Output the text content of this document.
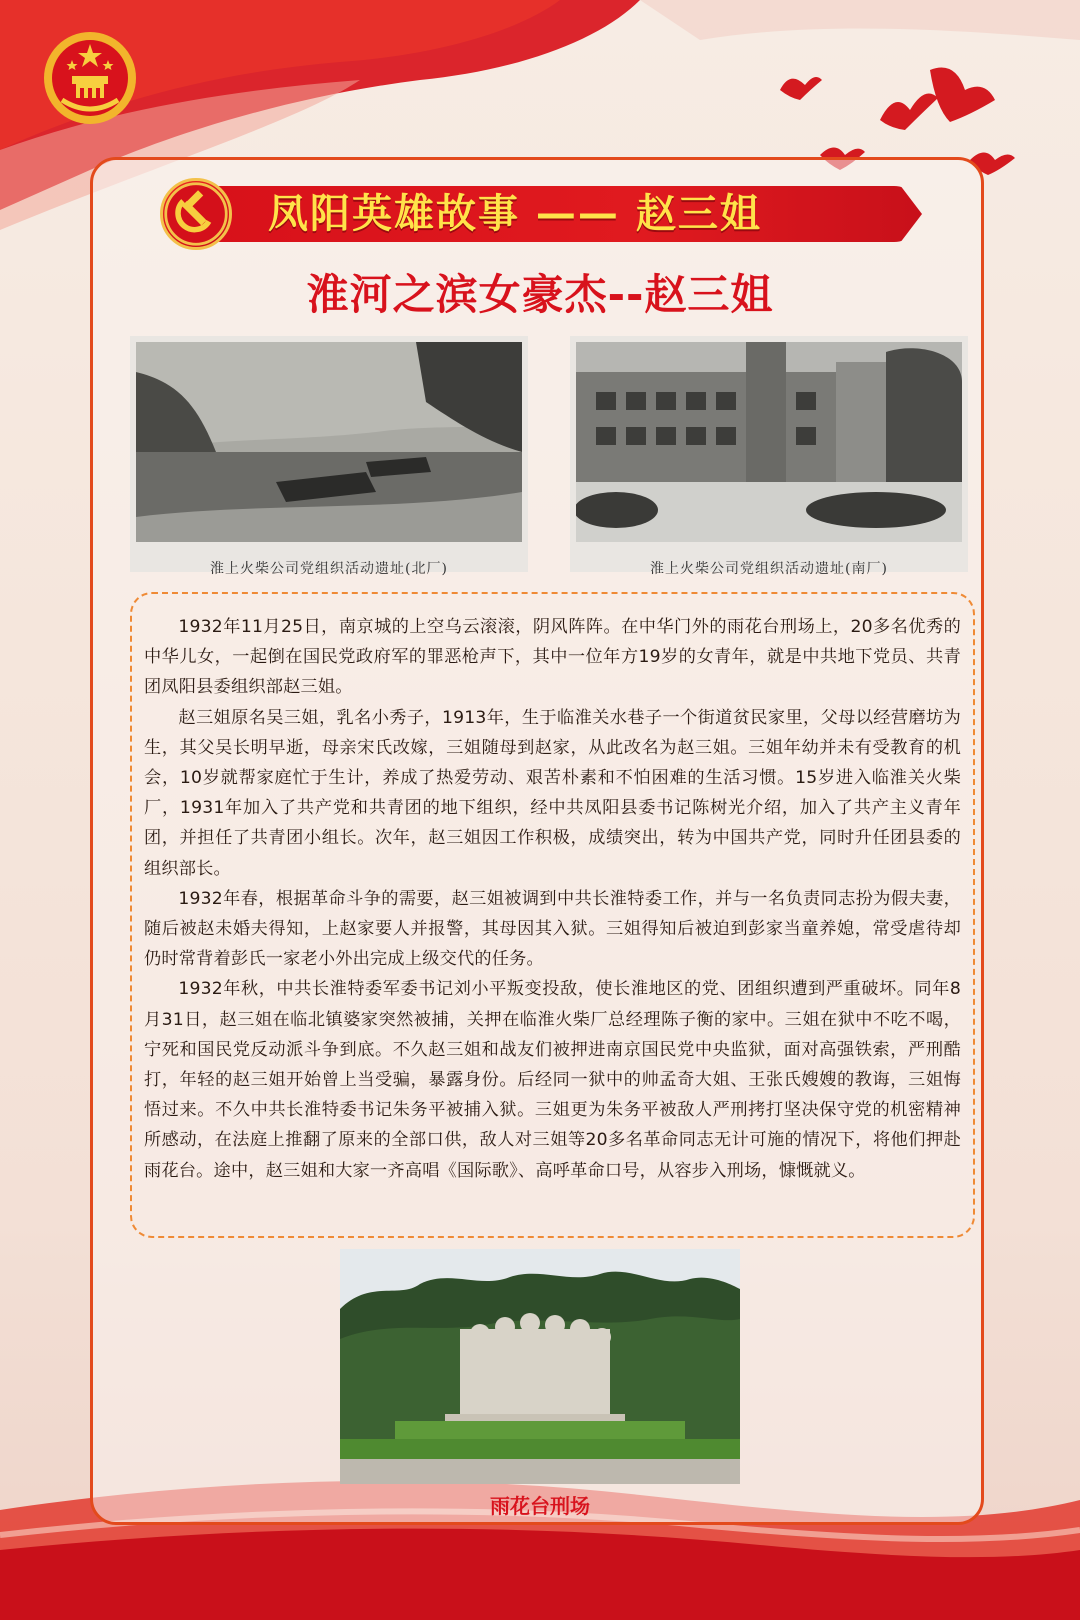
凤阳英雄故事 —— 赵三姐
淮河之滨女豪杰--赵三姐
淮上火柴公司党组织活动遗址(北厂)	淮上火柴公司党组织活动遗址(南厂)

1932年11月25日，南京城的上空乌云滚滚，阴风阵阵。在中华门外的雨花台刑场上，20多名优秀的中华儿女，一起倒在国民党政府军的罪恶枪声下，其中一位年方19岁的女青年，就是中共地下党员、共青团凤阳县委组织部赵三姐。

赵三姐原名吴三姐，乳名小秀子，1913年，生于临淮关水巷子一个街道贫民家里，父母以经营磨坊为生，其父吴长明早逝，母亲宋氏改嫁，三姐随母到赵家，从此改名为赵三姐。三姐年幼并未有受教育的机会，10岁就帮家庭忙于生计，养成了热爱劳动、艰苦朴素和不怕困难的生活习惯。15岁进入临淮关火柴厂，1931年加入了共产党和共青团的地下组织，经中共凤阳县委书记陈树光介绍，加入了共产主义青年团，并担任了共青团小组长。次年，赵三姐因工作积极，成绩突出，转为中国共产党，同时升任团县委的组织部长。

1932年春，根据革命斗争的需要，赵三姐被调到中共长淮特委工作，并与一名负责同志扮为假夫妻，随后被赵未婚夫得知，上赵家要人并报警，其母因其入狱。三姐得知后被迫到彭家当童养媳，常受虐待却仍时常背着彭氏一家老小外出完成上级交代的任务。

1932年秋，中共长淮特委军委书记刘小平叛变投敌，使长淮地区的党、团组织遭到严重破坏。同年8月31日，赵三姐在临北镇婆家突然被捕，关押在临淮火柴厂总经理陈子衡的家中。三姐在狱中不吃不喝，宁死和国民党反动派斗争到底。不久赵三姐和战友们被押进南京国民党中央监狱，面对高强铁索，严刑酷打，年轻的赵三姐开始曾上当受骗，暴露身份。后经同一狱中的帅孟奇大姐、王张氏嫂嫂的教诲，三姐悔悟过来。不久中共长淮特委书记朱务平被捕入狱。三姐更为朱务平被敌人严刑拷打坚决保守党的机密精神所感动，在法庭上推翻了原来的全部口供，敌人对三姐等20多名革命同志无计可施的情况下，将他们押赴雨花台。途中，赵三姐和大家一齐高唱《国际歌》、高呼革命口号，从容步入刑场，慷慨就义。

雨花台刑场
